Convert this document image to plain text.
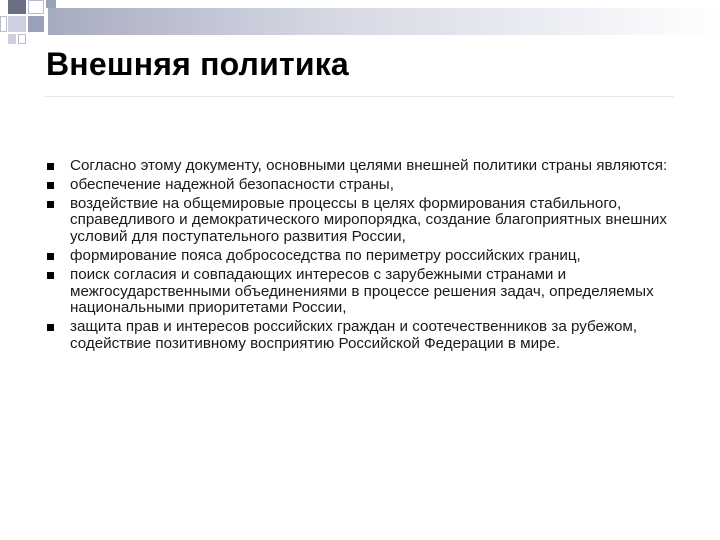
Внешняя политика
Согласно этому документу, основными целями внешней политики страны являются:
обеспечение надежной безопасности страны,
воздействие на общемировые процессы в целях формирования стабильного, справедливого и демократического миропорядка, создание благоприятных внешних условий для поступательного развития России,
формирование пояса добрососедства по периметру российских границ,
поиск согласия и совпадающих интересов с зарубежными странами и межгосударственными объединениями в процессе решения задач, определяемых национальными приоритетами России,
защита прав и интересов российских граждан и соотечественников за рубежом, содействие позитивному восприятию Российской Федерации в мире.
